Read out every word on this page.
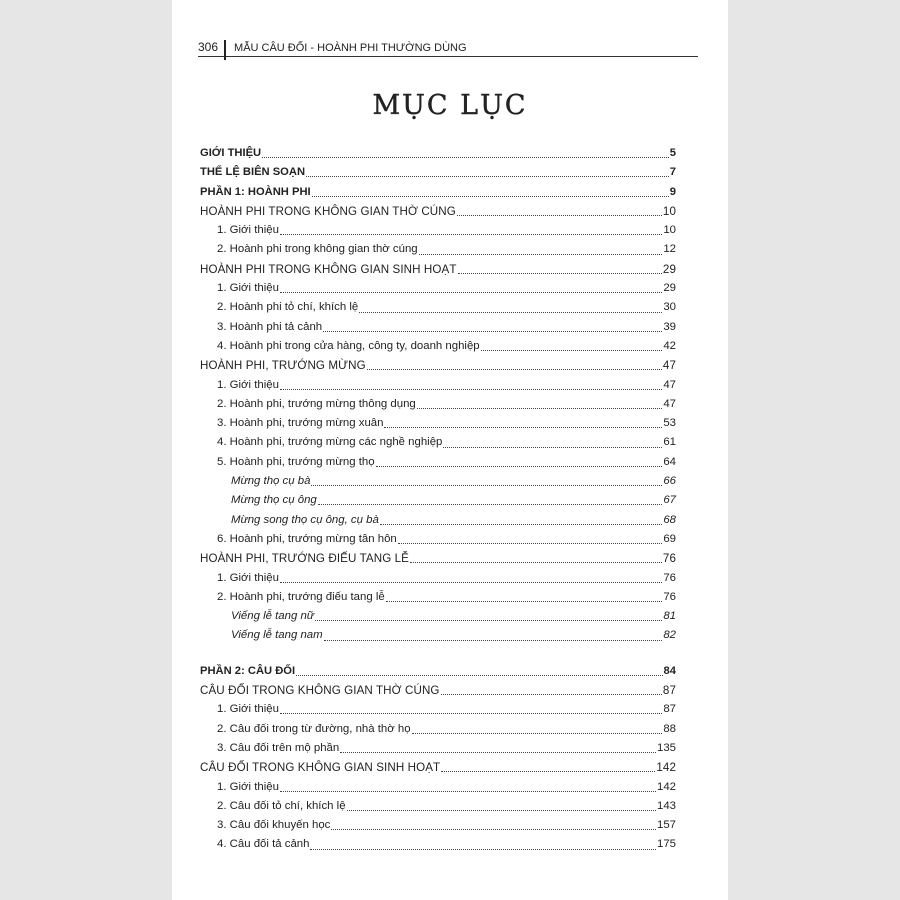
306	MẪU CÂU ĐỐI - HOÀNH PHI THƯỜNG DÙNG
MỤC LỤC
GIỚI THIỆU	5
THỂ LỆ BIÊN SOẠN	7
PHẦN 1: HOÀNH PHI	9
HOÀNH PHI TRONG KHÔNG GIAN THỜ CÚNG	10
1. Giới thiệu	10
2. Hoành phi trong không gian thờ cúng	12
HOÀNH PHI TRONG KHÔNG GIAN SINH HOẠT	29
1. Giới thiệu	29
2. Hoành phi tỏ chí, khích lệ	30
3. Hoành phi tả cảnh	39
4. Hoành phi trong cửa hàng, công ty, doanh nghiệp	42
HOÀNH PHI, TRƯỚNG MỪNG	47
1. Giới thiệu	47
2. Hoành phi, trướng mừng thông dụng	47
3. Hoành phi, trướng mừng xuân	53
4. Hoành phi, trướng mừng các nghề nghiệp	61
5. Hoành phi, trướng mừng thọ	64
Mừng thọ cụ bà	66
Mừng thọ cụ ông	67
Mừng song thọ cụ ông, cụ bà	68
6. Hoành phi, trướng mừng tân hôn	69
HOÀNH PHI, TRƯỚNG ĐIẾU TANG LỄ	76
1. Giới thiệu	76
2. Hoành phi, trướng điếu tang lễ	76
Viếng lễ tang nữ	81
Viếng lễ tang nam	82
PHẦN 2: CÂU ĐỐI	84
CÂU ĐỐI TRONG KHÔNG GIAN THỜ CÚNG	87
1. Giới thiệu	87
2. Câu đối trong từ đường, nhà thờ họ	88
3. Câu đối trên mộ phần	135
CÂU ĐỐI TRONG KHÔNG GIAN SINH HOẠT	142
1. Giới thiệu	142
2. Câu đối tỏ chí, khích lệ	143
3. Câu đối khuyến học	157
4. Câu đối tả cảnh	175
